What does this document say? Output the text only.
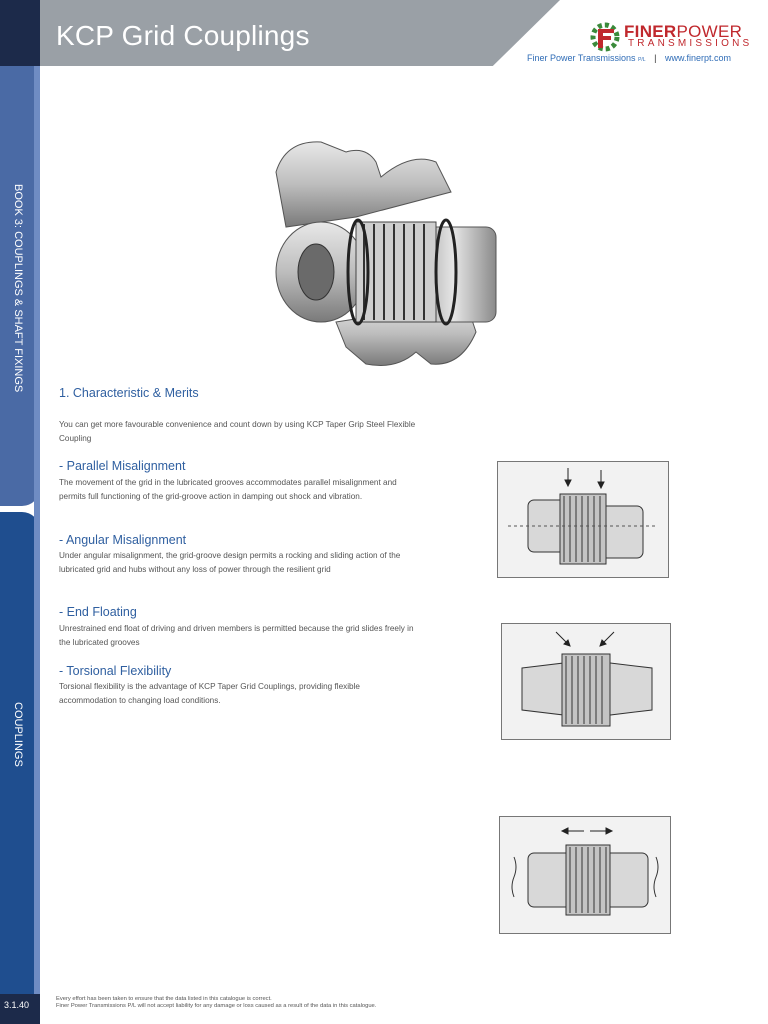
KCP Grid Couplings	FINERPOWER
TRANSMISSIONS
Finer Power Transmissions P/L | www.finerpt.com
BOOK 3: COUPLINGS & SHAFT FIXINGS
COUPLINGS
3.1.40
1. Characteristic & Merits
You can get more favourable convenience and count down by using KCP Taper Grip Steel Flexible Coupling
- Parallel Misalignment
The movement of the grid in the lubricated grooves accommodates parallel misalignment and permits full functioning of the grid-groove action in damping out shock and vibration.
- Angular Misalignment
Under angular misalignment, the grid-groove design permits a rocking and sliding action of the lubricated grid and hubs without any loss of power through the resilient grid
- End Floating
Unrestrained end float of driving and driven members is permitted because the grid slides freely in the lubricated grooves
- Torsional Flexibility
Torsional flexibility is the advantage of KCP Taper Grid Couplings, providing flexible accommodation to changing load conditions.
Every effort has been taken to ensure that the data listed in this catalogue is correct.
Finer Power Transmissions P/L will not accept liability for any damage or loss caused as a result of the data in this catalogue.
